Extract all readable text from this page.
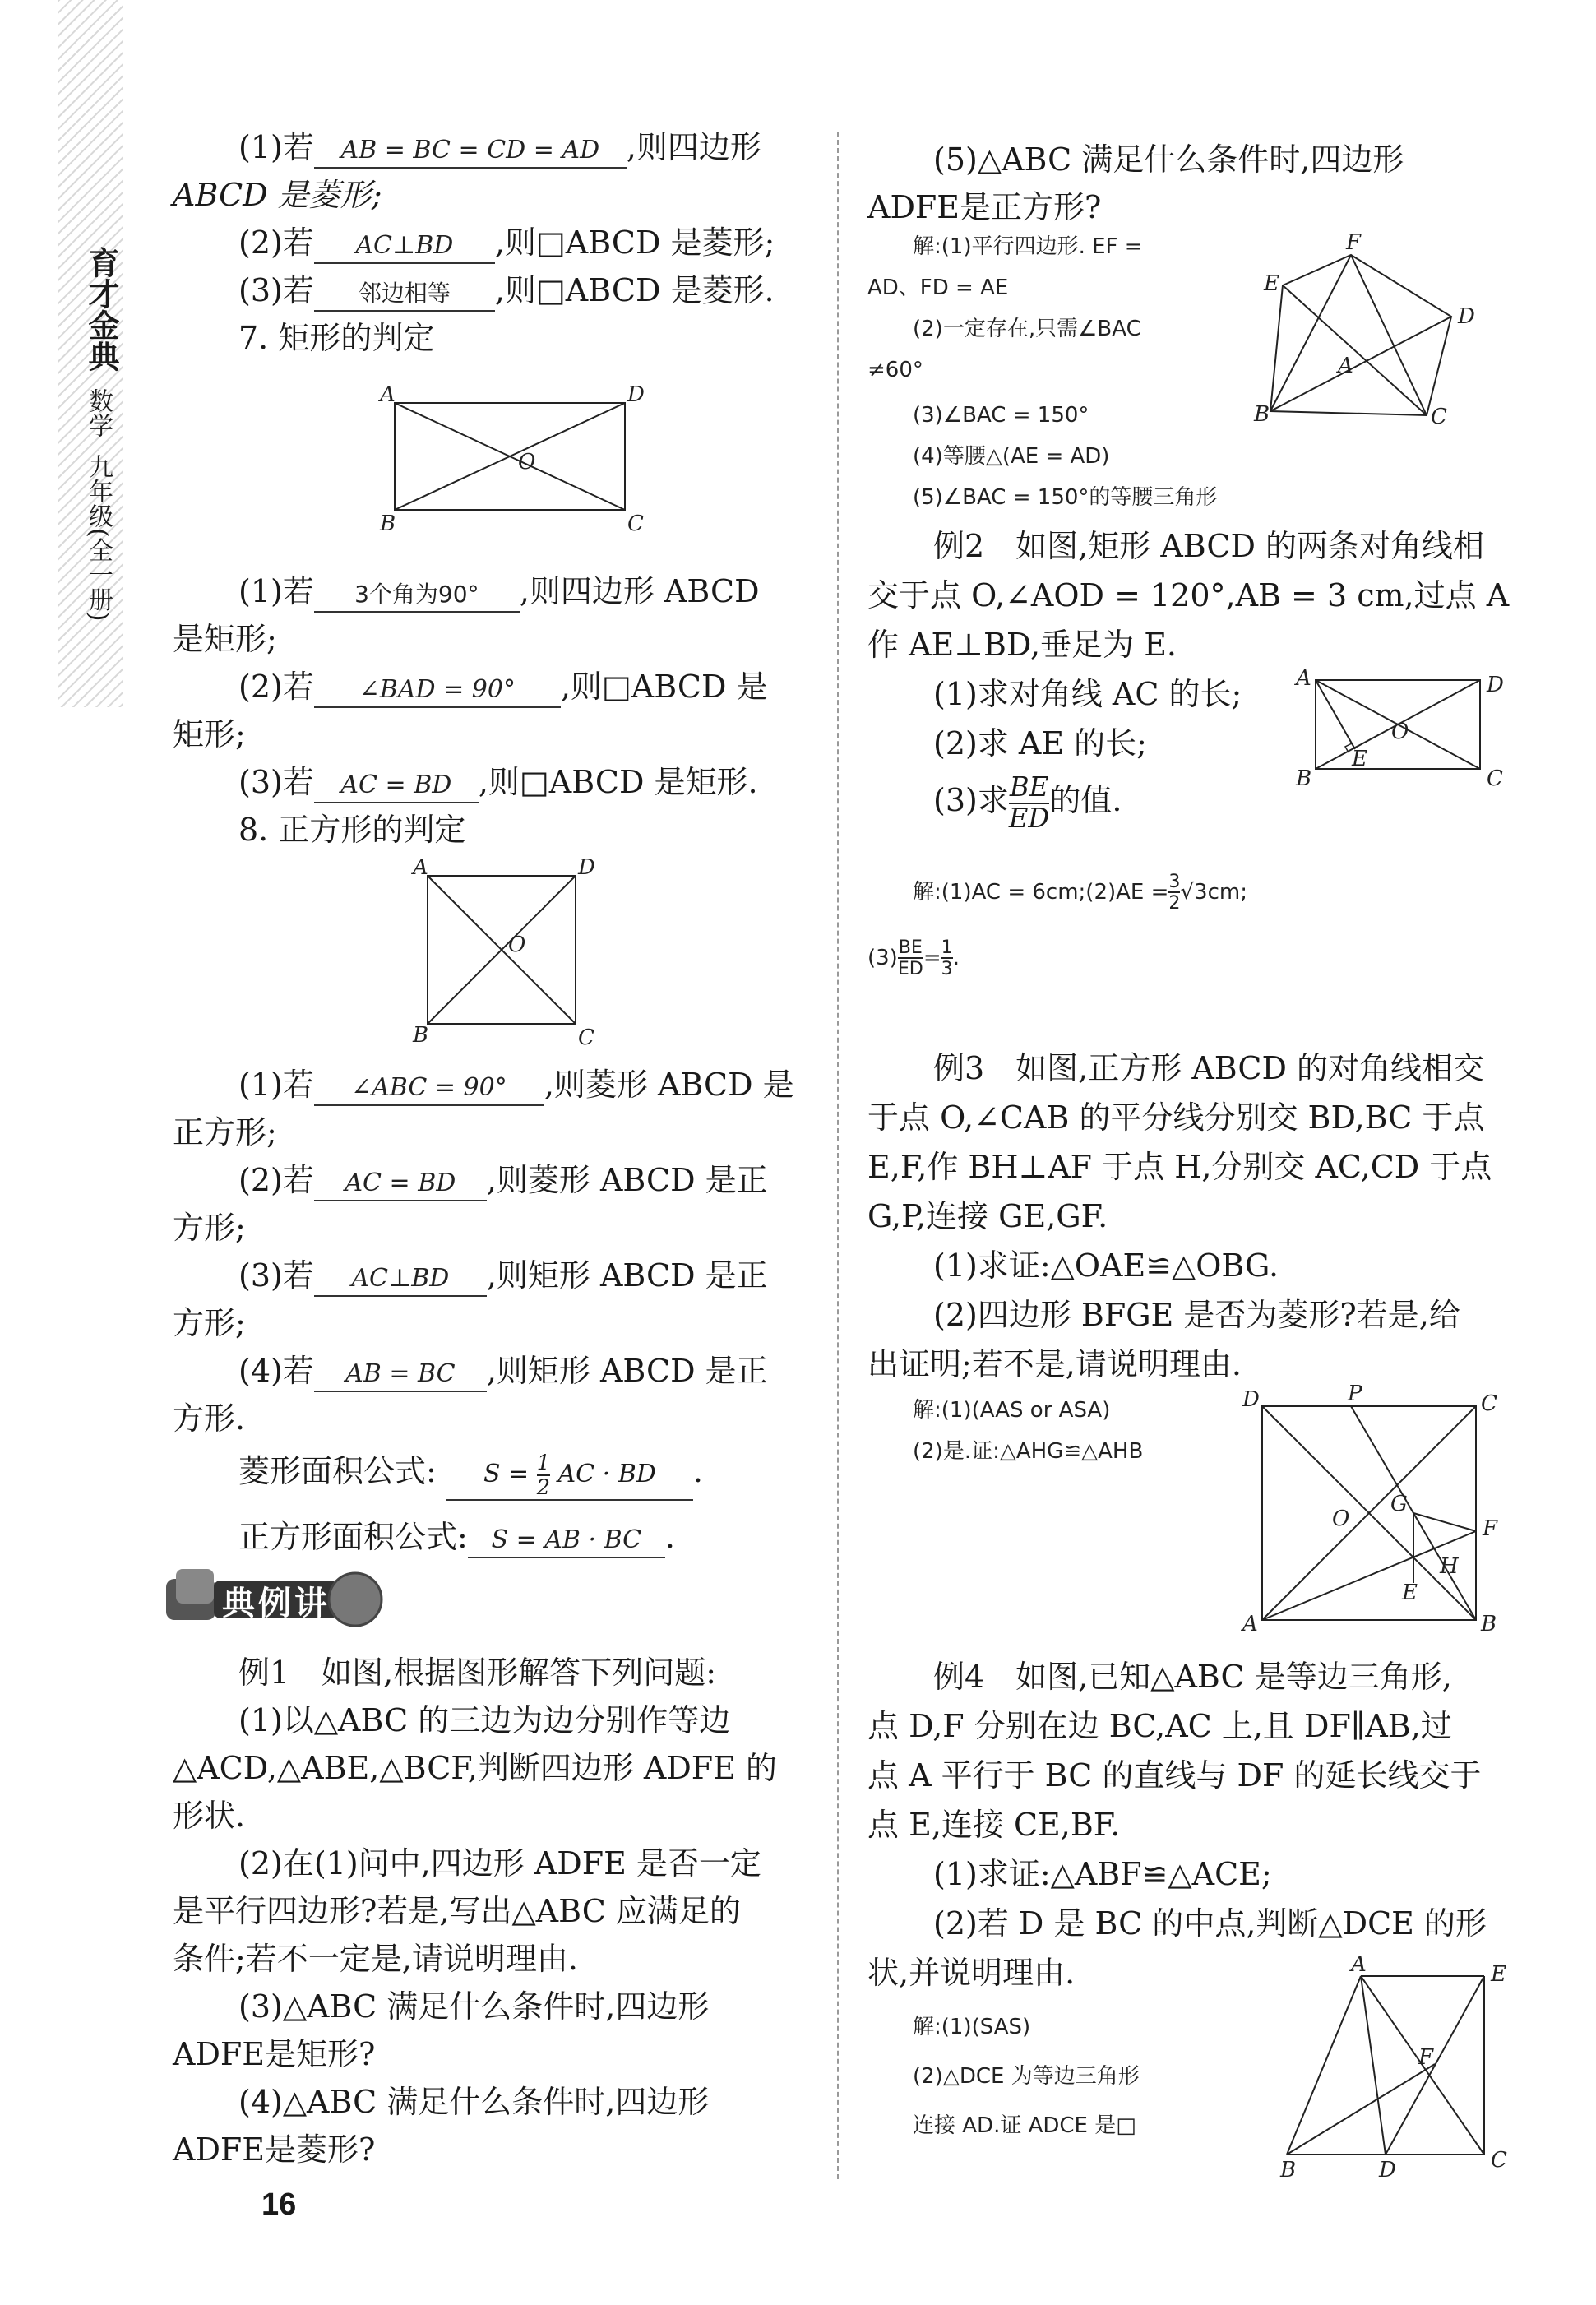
育才金典
数学
九年级(全一册)
(1)若 AB = BC = CD = AD ,则四边形
ABCD 是菱形;
(2)若 AC⊥BD ,则□ABCD 是菱形;
(3)若 邻边相等 ,则□ABCD 是菱形.
7. 矩形的判定
A	D
O
B	C
(1)若 3个角为90° ,则四边形 ABCD
是矩形;
(2)若 ∠BAD = 90° ,则□ABCD 是
矩形;
(3)若 AC = BD ,则□ABCD 是矩形.
8. 正方形的判定
A	D
O
B	C
(1)若 ∠ABC = 90° ,则菱形 ABCD 是
正方形;
(2)若 AC = BD ,则菱形 ABCD 是正
方形;
(3)若 AC⊥BD ,则矩形 ABCD 是正
方形;
(4)若 AB = BC ,则矩形 ABCD 是正
方形.
菱形面积公式: $S = \frac{1}{2}$ AC · BD .
正方形面积公式: S = AB · BC .
典例讲
例1　如图,根据图形解答下列问题:
(1)以△ABC 的三边为边分别作等边
△ACD,△ABE,△BCF,判断四边形 ADFE 的
形状.
(2)在(1)问中,四边形 ADFE 是否一定
是平行四边形?若是,写出△ABC 应满足的
条件;若不一定是,请说明理由.
(3)△ABC 满足什么条件时,四边形
ADFE是矩形?
(4)△ABC 满足什么条件时,四边形
ADFE是菱形?
(5)△ABC 满足什么条件时,四边形
ADFE是正方形?
解:(1)平行四边形. EF =
AD、FD = AE
(2)一定存在,只需∠BAC
≠60°
(3)∠BAC = 150°
(4)等腰△(AE = AD)
(5)∠BAC = 150°的等腰三角形
F
E
D
A
B	C
例2　如图,矩形 ABCD 的两条对角线相
交于点 O,∠AOD = 120°,AB = 3 cm,过点 A
作 AE⊥BD,垂足为 E.
(1)求对角线 AC 的长;
(2)求 AE 的长;
(3)求 $\frac{BE}{ED}$ 的值.
A	D
E
O
B	C
解:(1)AC = 6cm;(2)AE = $\frac{3}{2} √3cm$;
$(3) \frac{BE}{ED} = \frac{1}{3}$ .
例3　如图,正方形 ABCD 的对角线相交
于点 O,∠CAB 的平分线分别交 BD,BC 于点
E,F,作 BH⊥AF 于点 H,分别交 AC,CD 于点
G,P,连接 GE,GF.
(1)求证:△OAE≌△OBG.
(2)四边形 BFGE 是否为菱形?若是,给
出证明;若不是,请说明理由.
解:(1)(AAS or ASA)
(2)是.证:△AHG≌△AHB
D	P	C
G
O	F
H
E
A	B
例4　如图,已知△ABC 是等边三角形,
点 D,F 分别在边 BC,AC 上,且 DF∥AB,过
点 A 平行于 BC 的直线与 DF 的延长线交于
点 E,连接 CE,BF.
(1)求证:△ABF≌△ACE;
(2)若 D 是 BC 的中点,判断△DCE 的形
状,并说明理由.
解:(1)(SAS)
(2)△DCE 为等边三角形
连接 AD.证 ADCE 是□
A	E
F
B	D	C
16
